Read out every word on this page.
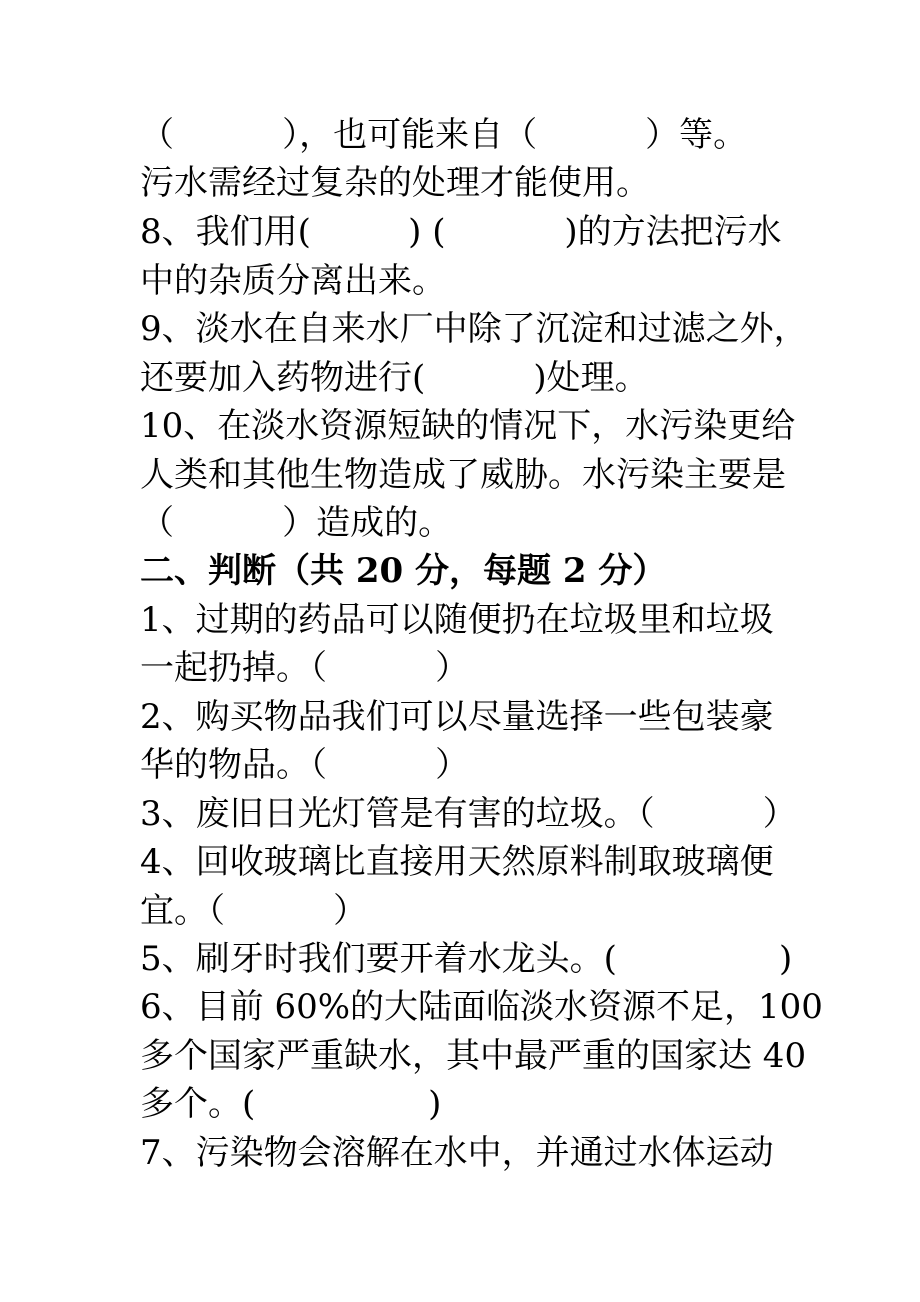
（          ），也可能来自（          ）等。
污水需经过复杂的处理才能使用。
8、我们用(         ) (           )的方法把污水
中的杂质分离出来。
9、淡水在自来水厂中除了沉淀和过滤之外，
还要加入药物进行(          )处理。
10、在淡水资源短缺的情况下，水污染更给
人类和其他生物造成了威胁。水污染主要是
（          ）造成的。
二、判断（共 20 分，每题 2 分）
1、过期的药品可以随便扔在垃圾里和垃圾
一起扔掉。（          ）
2、购买物品我们可以尽量选择一些包装豪
华的物品。（          ）
3、废旧日光灯管是有害的垃圾。（          ）
4、回收玻璃比直接用天然原料制取玻璃便
宜。（          ）
5、刷牙时我们要开着水龙头。(               )
6、目前 60%的大陆面临淡水资源不足，100
多个国家严重缺水，其中最严重的国家达 40
多个。(                )
7、污染物会溶解在水中，并通过水体运动
